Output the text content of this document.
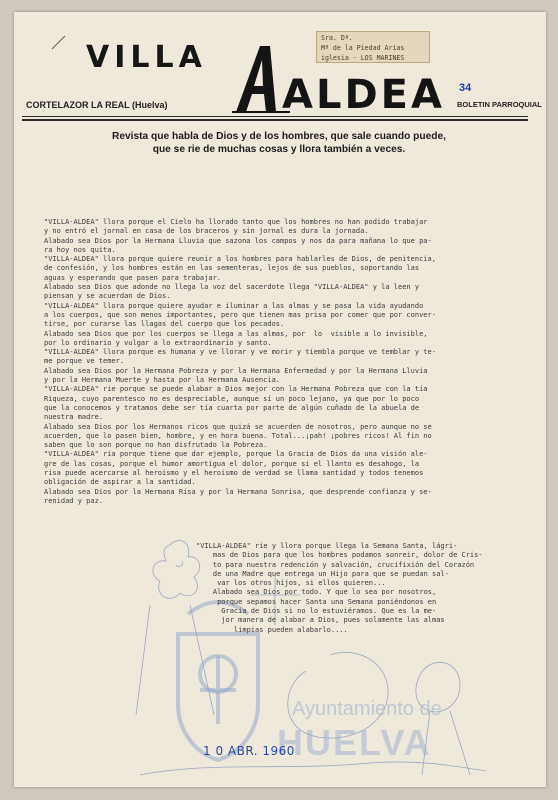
VILLA
ALDEA
CORTELAZOR LA REAL (Huelva)	BOLETIN PARROQUIAL
34
Sra. Dª.
Mª de la Piedad Arias
iglesia - LOS MARINES
Revista que habla de Dios y de los hombres, que sale cuando puede,
que se rie de muchas cosas y llora también a veces.
"VILLA-ALDEA" llora porque el Cielo ha llorado tanto que los hombres no han podido trabajar
y no entró el jornal en casa de los braceros y sin jornal es dura la jornada.
Alabado sea Dios por la Hermana Lluvia que sazona los campos y nos da para mañana lo que pa-
ra hoy nos quita.
"VILLA-ALDEA" llora porque quiere reunir a los hombres para hablarles de Dios, de penitencia,
de confesión, y los hombres están en las sementeras, lejos de sus pueblos, soportando las
aguas y esperando que pasen para trabajar.
Alabado sea Dios que adonde no llega la voz del sacerdote llega "VILLA-ALDEA" y la leen y
piensan y se acuerdan de Dios.
"VILLA-ALDEA" llora porque quiere ayudar e iluminar a las almas y se pasa la vida ayudando
a los cuerpos, que son menos importantes, pero que tienen mas prisa por comer que por conver-
tirse, por curarse las llagas del cuerpo que los pecados.
Alabado sea Dios que por los cuerpos se llega a las almas, por  lo  visible a lo invisible,
por lo ordinario y vulgar a lo extraordinario y santo.
"VILLA-ALDEA" llora porque es humana y ve llorar y ve morir y tiembla porque ve temblar y te-
me porque ve temer.
Alabado sea Dios por la Hermana Pobreza y por la Hermana Enfermedad y por la Hermana Lluvia
y por la Hermana Muerte y hasta por la Hermana Ausencia.
"VILLA-ALDEA" rie porque se puede alabar a Dios mejor con la Hermana Pobreza que con la tía
Riqueza, cuyo parentesco no es despreciable, aunque sí un poco lejano, ya que por lo poco
que la conocemos y tratamos debe ser tía cuarta por parte de algún cuñado de la abuela de
nuestra madre.
Alabado sea Dios por los Hermanos ricos que quizá se acuerden de nosotros, pero aunque no se
acuerden, que lo pasen bien, hombre, y en hora buena. Total...¡pah! ¡pobres ricos! Al fin no
saben que lo son porque no han disfrutado la Pobreza.
"VILLA-ALDEA" ría porque tiene que dar ejemplo, porque la Gracia de Dios da una visión ale-
gre de las cosas, porque el humor amortigua el dolor, porque si el llanto es desahogo, la
risa puede acercarse al heroismo y el heroismo de verdad se llama santidad y todos tenemos
obligación de aspirar a la santidad.
Alabado sea Dios por la Hermana Risa y por la Hermana Sonrisa, que desprende confianza y se-
renidad y paz.
"VILLA-ALDEA" ríe y llora porque llega la Semana Santa, lágri-
mas de Dios para que los hombres podamos sonreir, dolor de Cris-
to para nuestra redención y salvación, crucifixión del Corazón
de una Madre que entrega un Hijo para que se puedan sal-
var los otros hijos, si ellos quieren...
Alabado sea Dios por todo. Y que lo sea por nosotros,
porque sepamos hacer Santa una Semana poniéndonos en
Gracia de Dios si no lo estuviéramos. Que es la me-
jor manera de alabar a Dios, pues solamente las almas
limpias pueden alabarlo....
Ayuntamiento de
HUELVA
1 0 ABR. 1960
